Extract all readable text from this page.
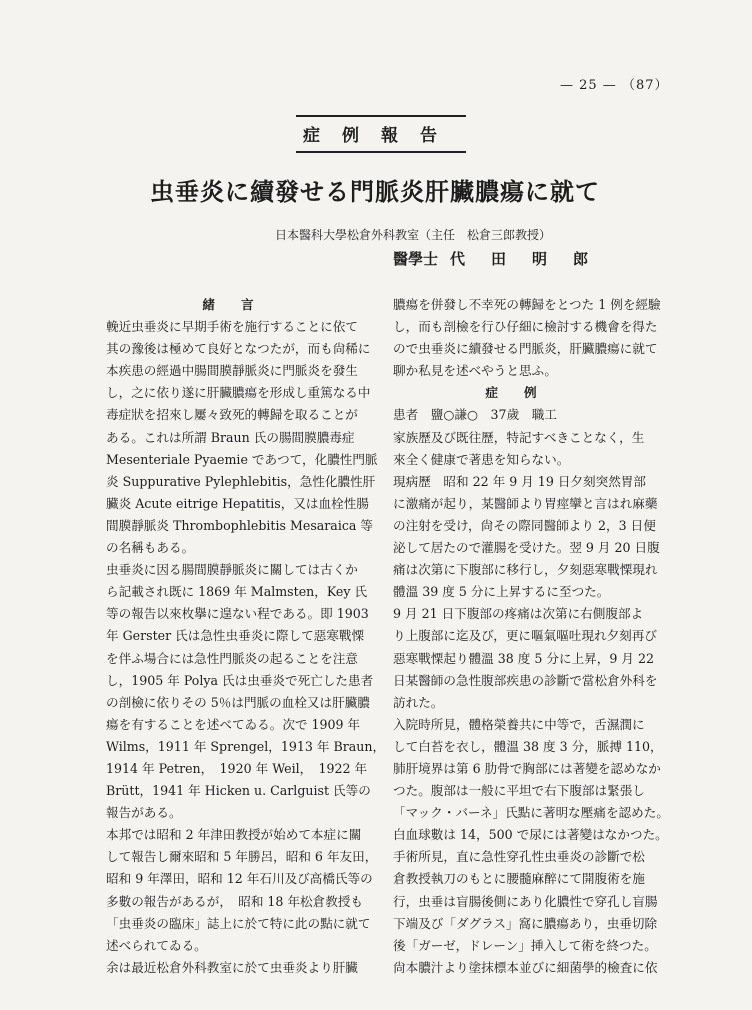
— 25 — （87）
症例報告
虫垂炎に續發せる門脈炎肝臟膿瘍に就て
日本醫科大學松倉外科教室（主任　松倉三郎教授）
醫學士 代田明郎
緒言
輓近虫垂炎に早期手術を施行することに依て
其の豫後は極めて良好となつたが，而も尙稀に
本疾患の經過中腸間膜靜脈炎に門脈炎を發生
し，之に依り遂に肝臟膿瘍を形成し重篤なる中
毒症狀を招來し屢々致死的轉歸を取ることが
ある。これは所謂 Braun 氏の腸間膜膿毒症
Mesenteriale Pyaemie であつて，化膿性門脈
炎 Suppurative Pylephlebitis，急性化膿性肝
臟炎 Acute eitrige Hepatitis，又は血栓性腸
間膜靜脈炎 Thrombophlebitis Mesaraica 等
の名稱もある。
虫垂炎に因る腸間膜靜脈炎に關しては古くか
ら記載され既に 1869 年 Malmsten，Key 氏
等の報告以來枚擧に遑ない程である。即 1903
年 Gerster 氏は急性虫垂炎に際して惡寒戰慄
を伴ふ場合には急性門脈炎の起ることを注意
し，1905 年 Polya 氏は虫垂炎で死亡した患者
の剖檢に依りその 5％は門脈の血栓又は肝臟膿
瘍を有することを述べてゐる。次で 1909 年
Wilms，1911 年 Sprengel，1913 年 Braun，
1914 年 Petren，　1920 年 Weil，　1922 年
Brütt，1941 年 Hicken u. Carlguist 氏等の
報告がある。
本邦では昭和 2 年津田教授が始めて本症に關
して報告し爾來昭和 5 年勝呂，昭和 6 年友田，
昭和 9 年澤田，昭和 12 年石川及び高橋氏等の
多數の報告があるが，　昭和 18 年松倉教授も
「虫垂炎の臨床」誌上に於て特に此の點に就て
述べられてゐる。
余は最近松倉外科教室に於て虫垂炎より肝臟
膿瘍を併發し不幸死の轉歸をとつた 1 例を經驗
し，而も剖檢を行ひ仔細に檢討する機會を得た
ので虫垂炎に續發せる門脈炎，肝臟膿瘍に就て
聊か私見を述べやうと思ふ。
症例
患者　鹽○謙○　37歲　職工
家族歷及び既往歷，特記すべきことなく，生
來全く健康で著患を知らない。
現病歷　昭和 22 年 9 月 19 日夕刻突然胃部
に激痛が起り，某醫師より胃痙攣と言はれ麻藥
の注射を受け，尙その際同醫師より 2，3 日便
泌して居たので灌腸を受けた。翌 9 月 20 日腹
痛は次第に下腹部に移行し，夕刻惡寒戰慄現れ
體溫 39 度 5 分に上昇するに至つた。
9 月 21 日下腹部の疼痛は次第に右側腹部よ
り上腹部に迄及び，更に嘔氣嘔吐現れ夕刻再び
惡寒戰慄起り體溫 38 度 5 分に上昇，9 月 22
日某醫師の急性腹部疾患の診斷で當松倉外科を
訪れた。
入院時所見，體格榮養共に中等で，舌濕潤に
して白苔を衣し，體溫 38 度 3 分，脈搏 110，
肺肝境界は第 6 肋骨で胸部には著變を認めなか
つた。腹部は一般に平坦で右下腹部は緊張し
「マック・バーネ」氏點に著明な壓痛を認めた。
白血球數は 14，500 で尿には著變はなかつた。
手術所見，直に急性穿孔性虫垂炎の診斷で松
倉教授執刀のもとに腰髓麻醉にて開腹術を施
行，虫垂は盲腸後側にあり化膿性で穿孔し盲腸
下端及び「ダグラス」窩に膿瘍あり，虫垂切除
後「ガーゼ，ドレーン」挿入して術を終つた。
尙本膿汁より塗抹標本並びに細菌學的檢査に依
